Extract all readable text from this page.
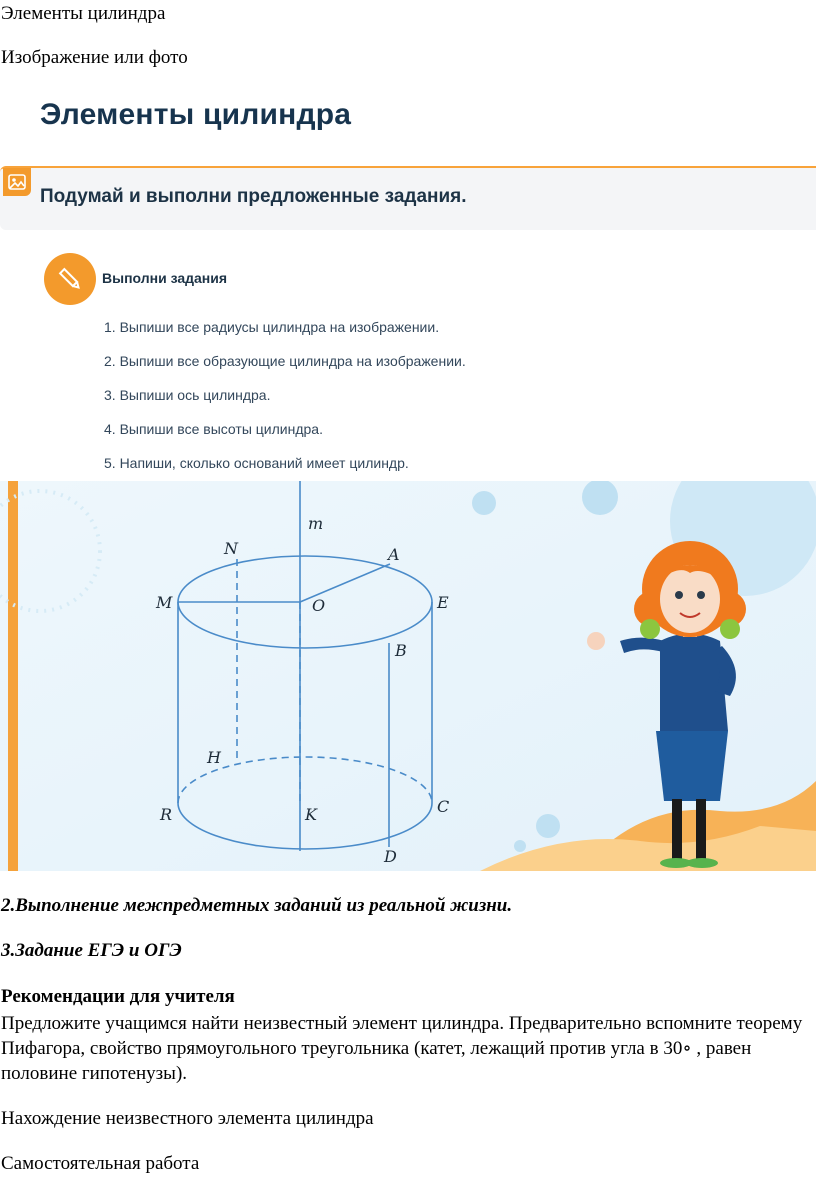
Элементы цилиндра
Изображение или фото
Элементы цилиндра
Подумай и выполни предложенные задания.
Выполни задания
1. Выпиши все радиусы цилиндра на изображении.
2. Выпиши все образующие цилиндра на изображении.
3. Выпиши ось цилиндра.
4. Выпиши все высоты цилиндра.
5. Напиши, сколько оснований имеет цилиндр.
m
N	A
M	O	E
B
H
R	K	C
D
2.Выполнение межпредметных заданий из реальной жизни.
3.Задание ЕГЭ и ОГЭ
Рекомендации для учителя
Предложите учащимся найти неизвестный элемент цилиндра. Предварительно вспомните теорему Пифагора, свойство прямоугольного треугольника (катет, лежащий против угла в 30∘ , равен половине гипотенузы).
Нахождение неизвестного элемента цилиндра
Самостоятельная работа
